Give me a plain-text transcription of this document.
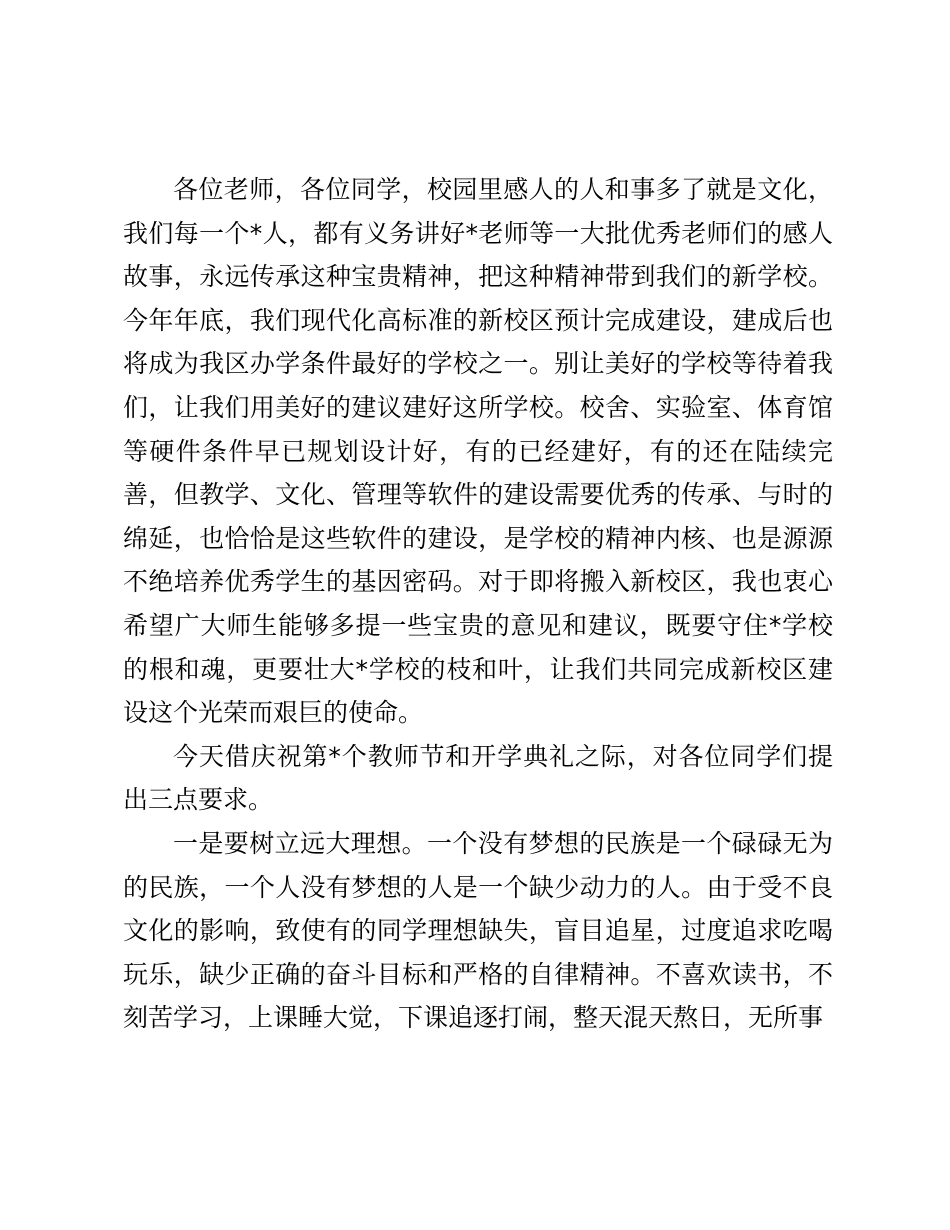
各位老师，各位同学，校园里感人的人和事多了就是文化，我们每一个*人，都有义务讲好*老师等一大批优秀老师们的感人故事，永远传承这种宝贵精神，把这种精神带到我们的新学校。今年年底，我们现代化高标准的新校区预计完成建设，建成后也将成为我区办学条件最好的学校之一。别让美好的学校等待着我们，让我们用美好的建议建好这所学校。校舍、实验室、体育馆等硬件条件早已规划设计好，有的已经建好，有的还在陆续完善，但教学、文化、管理等软件的建设需要优秀的传承、与时的绵延，也恰恰是这些软件的建设，是学校的精神内核、也是源源不绝培养优秀学生的基因密码。对于即将搬入新校区，我也衷心希望广大师生能够多提一些宝贵的意见和建议，既要守住*学校的根和魂，更要壮大*学校的枝和叶，让我们共同完成新校区建设这个光荣而艰巨的使命。

今天借庆祝第*个教师节和开学典礼之际，对各位同学们提出三点要求。

一是要树立远大理想。一个没有梦想的民族是一个碌碌无为的民族，一个人没有梦想的人是一个缺少动力的人。由于受不良文化的影响，致使有的同学理想缺失，盲目追星，过度追求吃喝玩乐，缺少正确的奋斗目标和严格的自律精神。不喜欢读书，不刻苦学习，上课睡大觉，下课追逐打闹，整天混天熬日，无所事
